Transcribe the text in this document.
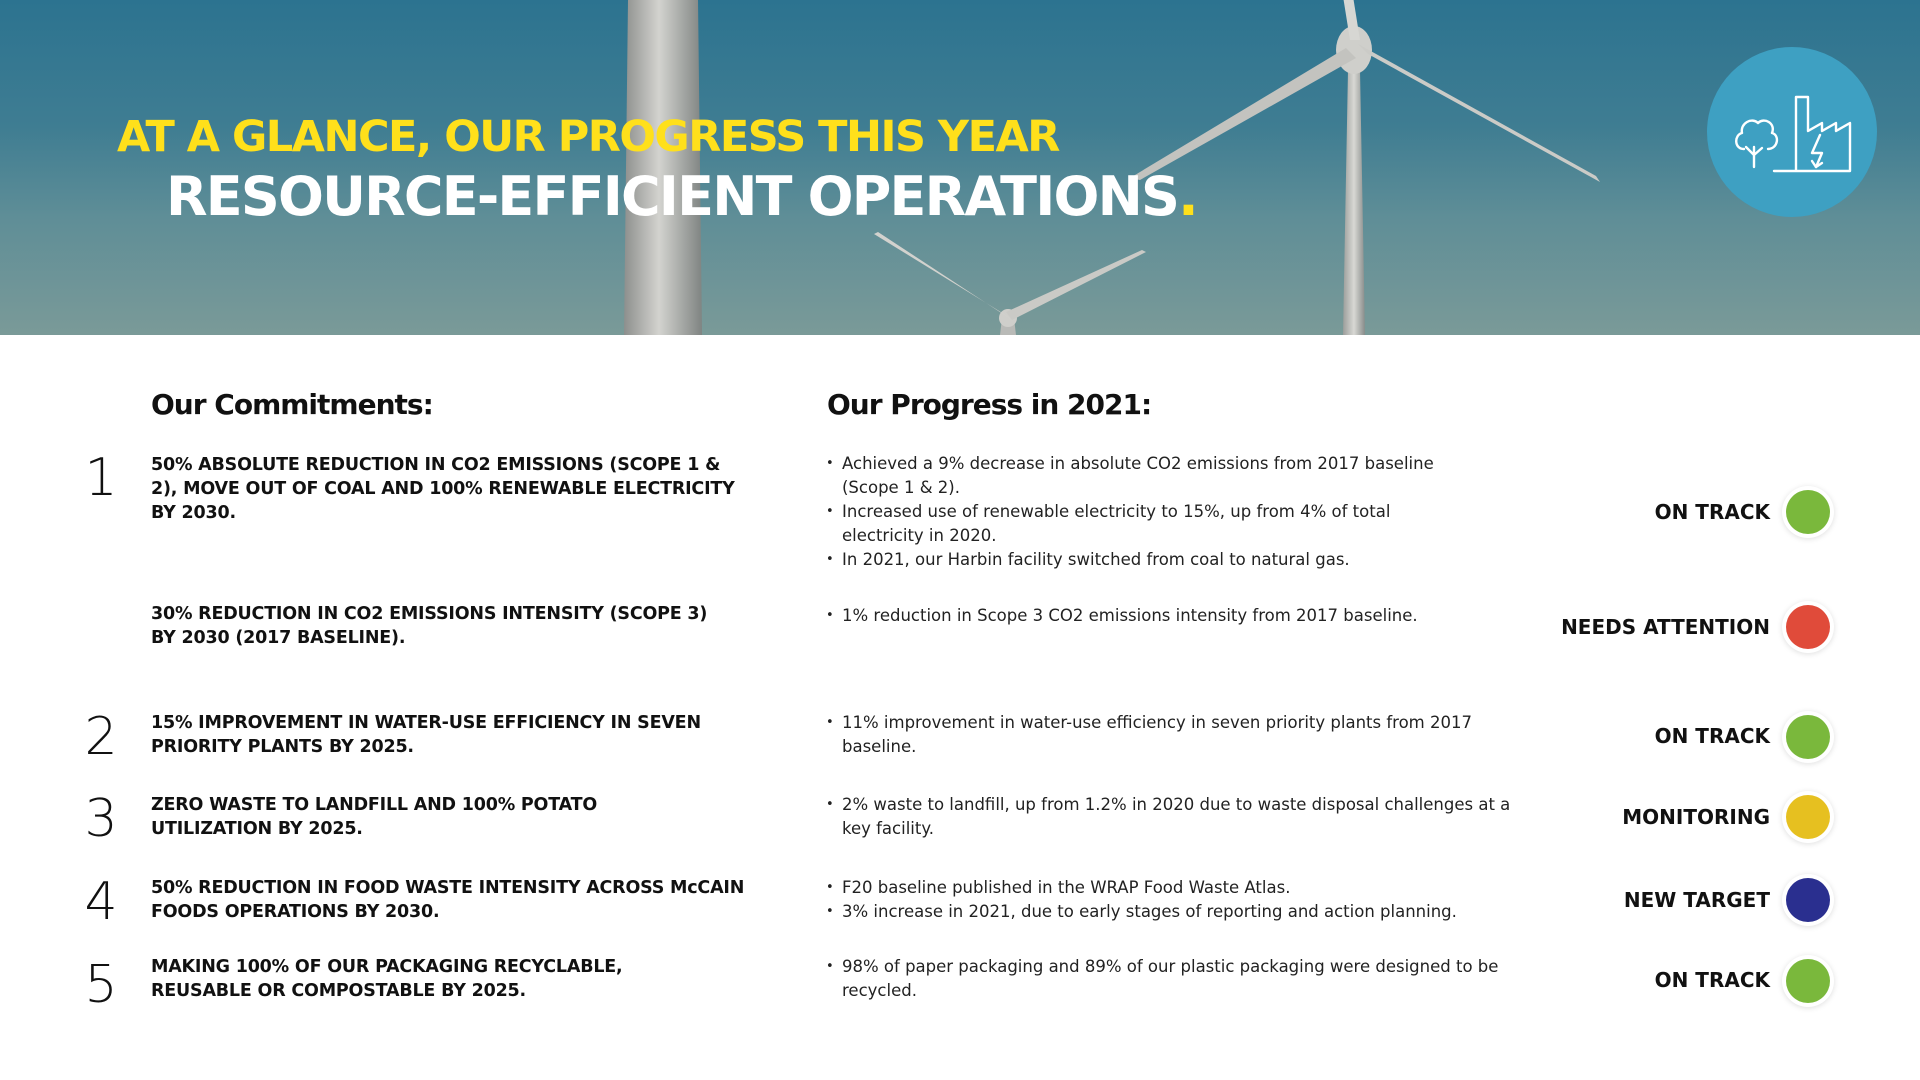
AT A GLANCE, OUR PROGRESS THIS YEAR
RESOURCE-EFFICIENT OPERATIONS.
Our Commitments:	Our Progress in 2021:
1	50% ABSOLUTE REDUCTION IN CO2 EMISSIONS (SCOPE 1 & 2), MOVE OUT OF COAL AND 100% RENEWABLE ELECTRICITY BY 2030.

• Achieved a 9% decrease in absolute CO2 emissions from 2017 baseline (Scope 1 & 2).
• Increased use of renewable electricity to 15%, up from 4% of total electricity in 2020.
• In 2021, our Harbin facility switched from coal to natural gas.

ON TRACK

30% REDUCTION IN CO2 EMISSIONS INTENSITY (SCOPE 3) BY 2030 (2017 BASELINE).

• 1% reduction in Scope 3 CO2 emissions intensity from 2017 baseline.	NEEDS ATTENTION

2	15% IMPROVEMENT IN WATER-USE EFFICIENCY IN SEVEN PRIORITY PLANTS BY 2025.

• 11% improvement in water-use efficiency in seven priority plants from 2017 baseline.	ON TRACK

3	ZERO WASTE TO LANDFILL AND 100% POTATO UTILIZATION BY 2025.

• 2% waste to landfill, up from 1.2% in 2020 due to waste disposal challenges at a key facility.	MONITORING

4	50% REDUCTION IN FOOD WASTE INTENSITY ACROSS McCAIN FOODS OPERATIONS BY 2030.

• F20 baseline published in the WRAP Food Waste Atlas.
• 3% increase in 2021, due to early stages of reporting and action planning.	NEW TARGET

5	MAKING 100% OF OUR PACKAGING RECYCLABLE, REUSABLE OR COMPOSTABLE BY 2025.

• 98% of paper packaging and 89% of our plastic packaging were designed to be recycled.	ON TRACK
